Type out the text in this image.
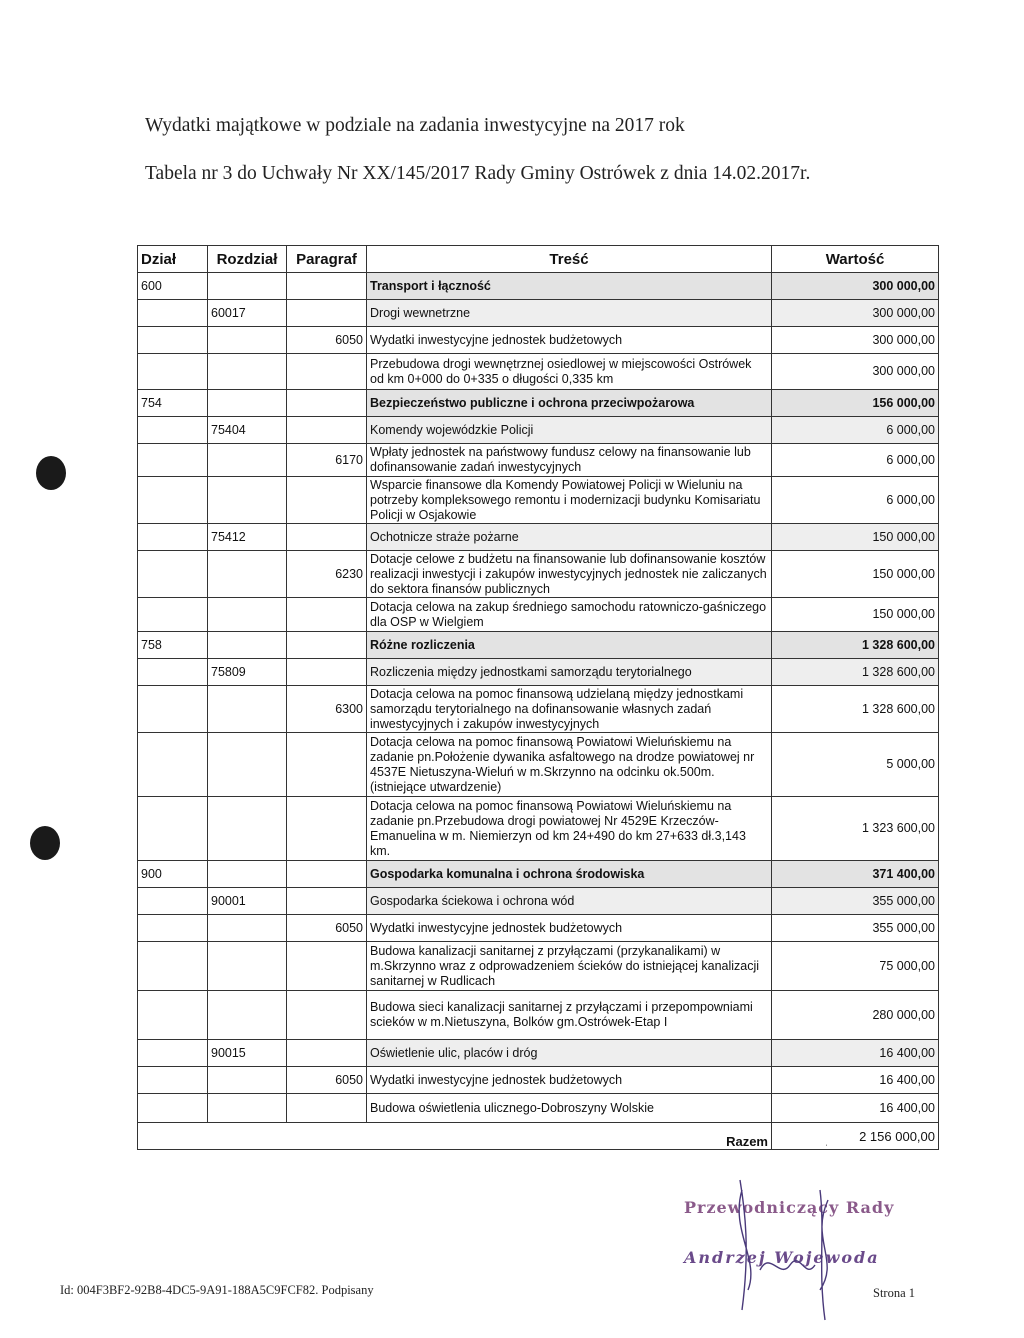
Wydatki majątkowe w podziale na zadania inwestycyjne na 2017 rok
Tabela nr 3 do Uchwały Nr XX/145/2017 Rady Gminy Ostrówek z dnia 14.02.2017r.
Dział	Rozdział	Paragraf	Treść	Wartość
600			Transport i łączność	300 000,00
	60017		Drogi wewnetrzne	300 000,00
		6050	Wydatki inwestycyjne jednostek budżetowych	300 000,00
			Przebudowa drogi wewnętrznej osiedlowej w miejscowości Ostrówek od km 0+000 do 0+335 o długości 0,335 km	300 000,00
754			Bezpieczeństwo publiczne i ochrona przeciwpożarowa	156 000,00
	75404		Komendy wojewódzkie Policji	6 000,00
		6170	Wpłaty jednostek na państwowy fundusz celowy na finansowanie lub dofinansowanie zadań inwestycyjnych	6 000,00
			Wsparcie finansowe dla Komendy Powiatowej Policji w Wieluniu na potrzeby kompleksowego remontu i modernizacji budynku Komisariatu Policji w Osjakowie	6 000,00
	75412		Ochotnicze straże pożarne	150 000,00
		6230	Dotacje celowe z budżetu na finansowanie lub dofinansowanie kosztów realizacji inwestycji i zakupów inwestycyjnych jednostek nie zaliczanych do sektora finansów publicznych	150 000,00
			Dotacja celowa na zakup średniego samochodu ratowniczo-gaśniczego dla OSP w Wielgiem	150 000,00
758			Różne rozliczenia	1 328 600,00
	75809		Rozliczenia między jednostkami samorządu terytorialnego	1 328 600,00
		6300	Dotacja celowa na pomoc finansową udzielaną między jednostkami samorządu terytorialnego na dofinansowanie własnych zadań inwestycyjnych i zakupów inwestycyjnych	1 328 600,00
			Dotacja celowa na pomoc finansową Powiatowi Wieluńskiemu na zadanie pn.Położenie dywanika asfaltowego na drodze powiatowej nr 4537E Nietuszyna-Wieluń w m.Skrzynno na odcinku ok.500m.(istniejące utwardzenie)	5 000,00
			Dotacja celowa na pomoc finansową Powiatowi Wieluńskiemu na zadanie pn.Przebudowa drogi powiatowej Nr 4529E Krzeczów-Emanuelina w m. Niemierzyn od km 24+490 do km 27+633 dł.3,143 km.	1 323 600,00
900			Gospodarka komunalna i ochrona środowiska	371 400,00
	90001		Gospodarka ściekowa i ochrona wód	355 000,00
		6050	Wydatki inwestycyjne jednostek budżetowych	355 000,00
			Budowa kanalizacji sanitarnej z przyłączami (przykanalikami) w m.Skrzynno wraz z odprowadzeniem ścieków do istniejącej kanalizacji sanitarnej w Rudlicach	75 000,00
			Budowa sieci kanalizacji sanitarnej z przyłączami i przepompowniami scieków w m.Nietuszyna, Bolków gm.Ostrówek-Etap I	280 000,00
	90015		Oświetlenie ulic, placów i dróg	16 400,00
		6050	Wydatki inwestycyjne jednostek budżetowych	16 400,00
			Budowa oświetlenia ulicznego-Dobroszyny Wolskie	16 400,00
Razem				2 156 000,00
ˌ
Przewodniczący Rady
Andrzej Wojewoda
Id: 004F3BF2-92B8-4DC5-9A91-188A5C9FCF82. Podpisany	Strona 1
